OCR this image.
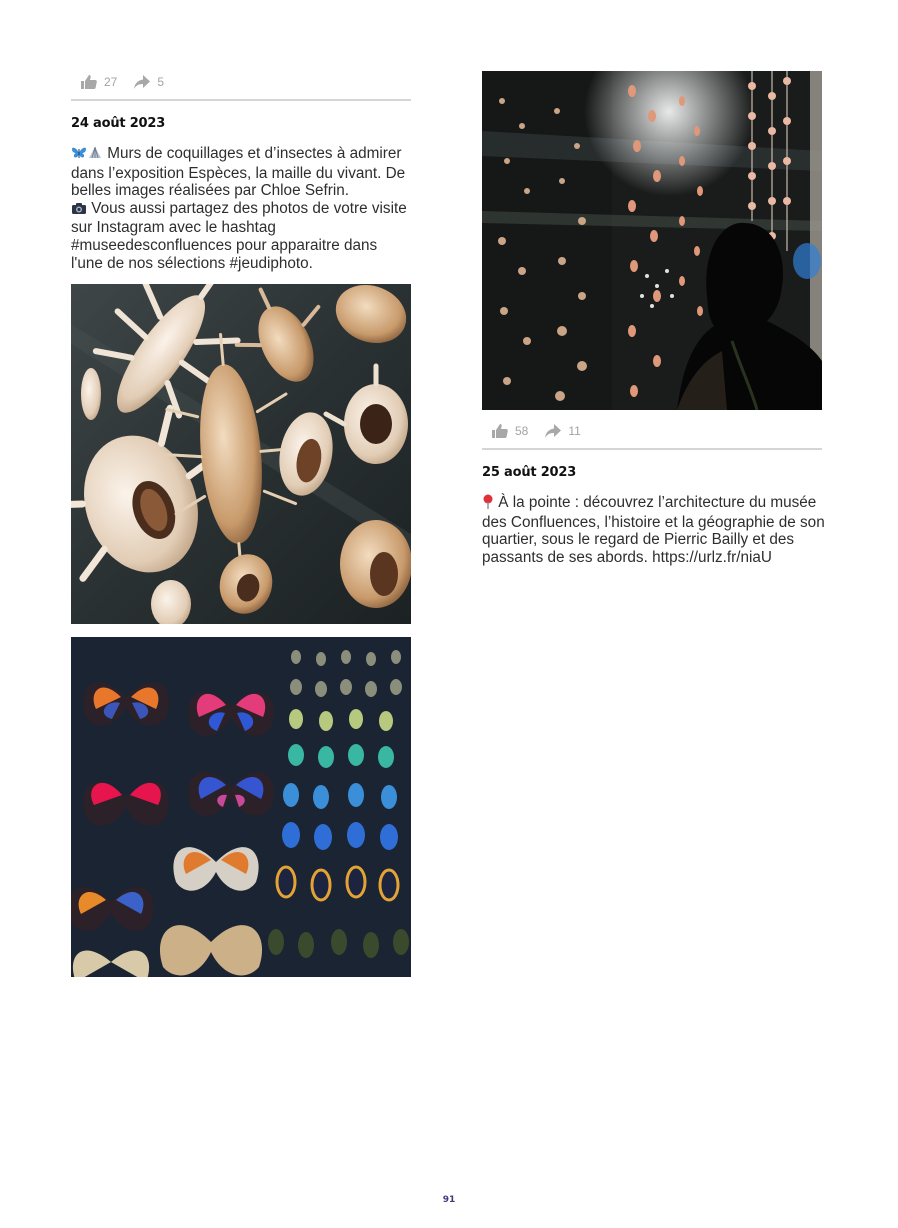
27	5
24 août 2023

Murs de coquillages et d’insectes à admirer dans l’exposition Espèces, la maille du vivant. De belles images réalisées par Chloe Sefrin.

Vous aussi partagez des photos de votre visite sur Instagram avec le hashtag #museedesconfluences pour apparaitre dans l'une de nos sélections #jeudiphoto.

58	11
25 août 2023

À la pointe : découvrez l’architecture du musée des Confluences, l’histoire et la géographie de son quartier, sous le regard de Pierric Bailly et des passants de ses abords. https://urlz.fr/niaU

91
